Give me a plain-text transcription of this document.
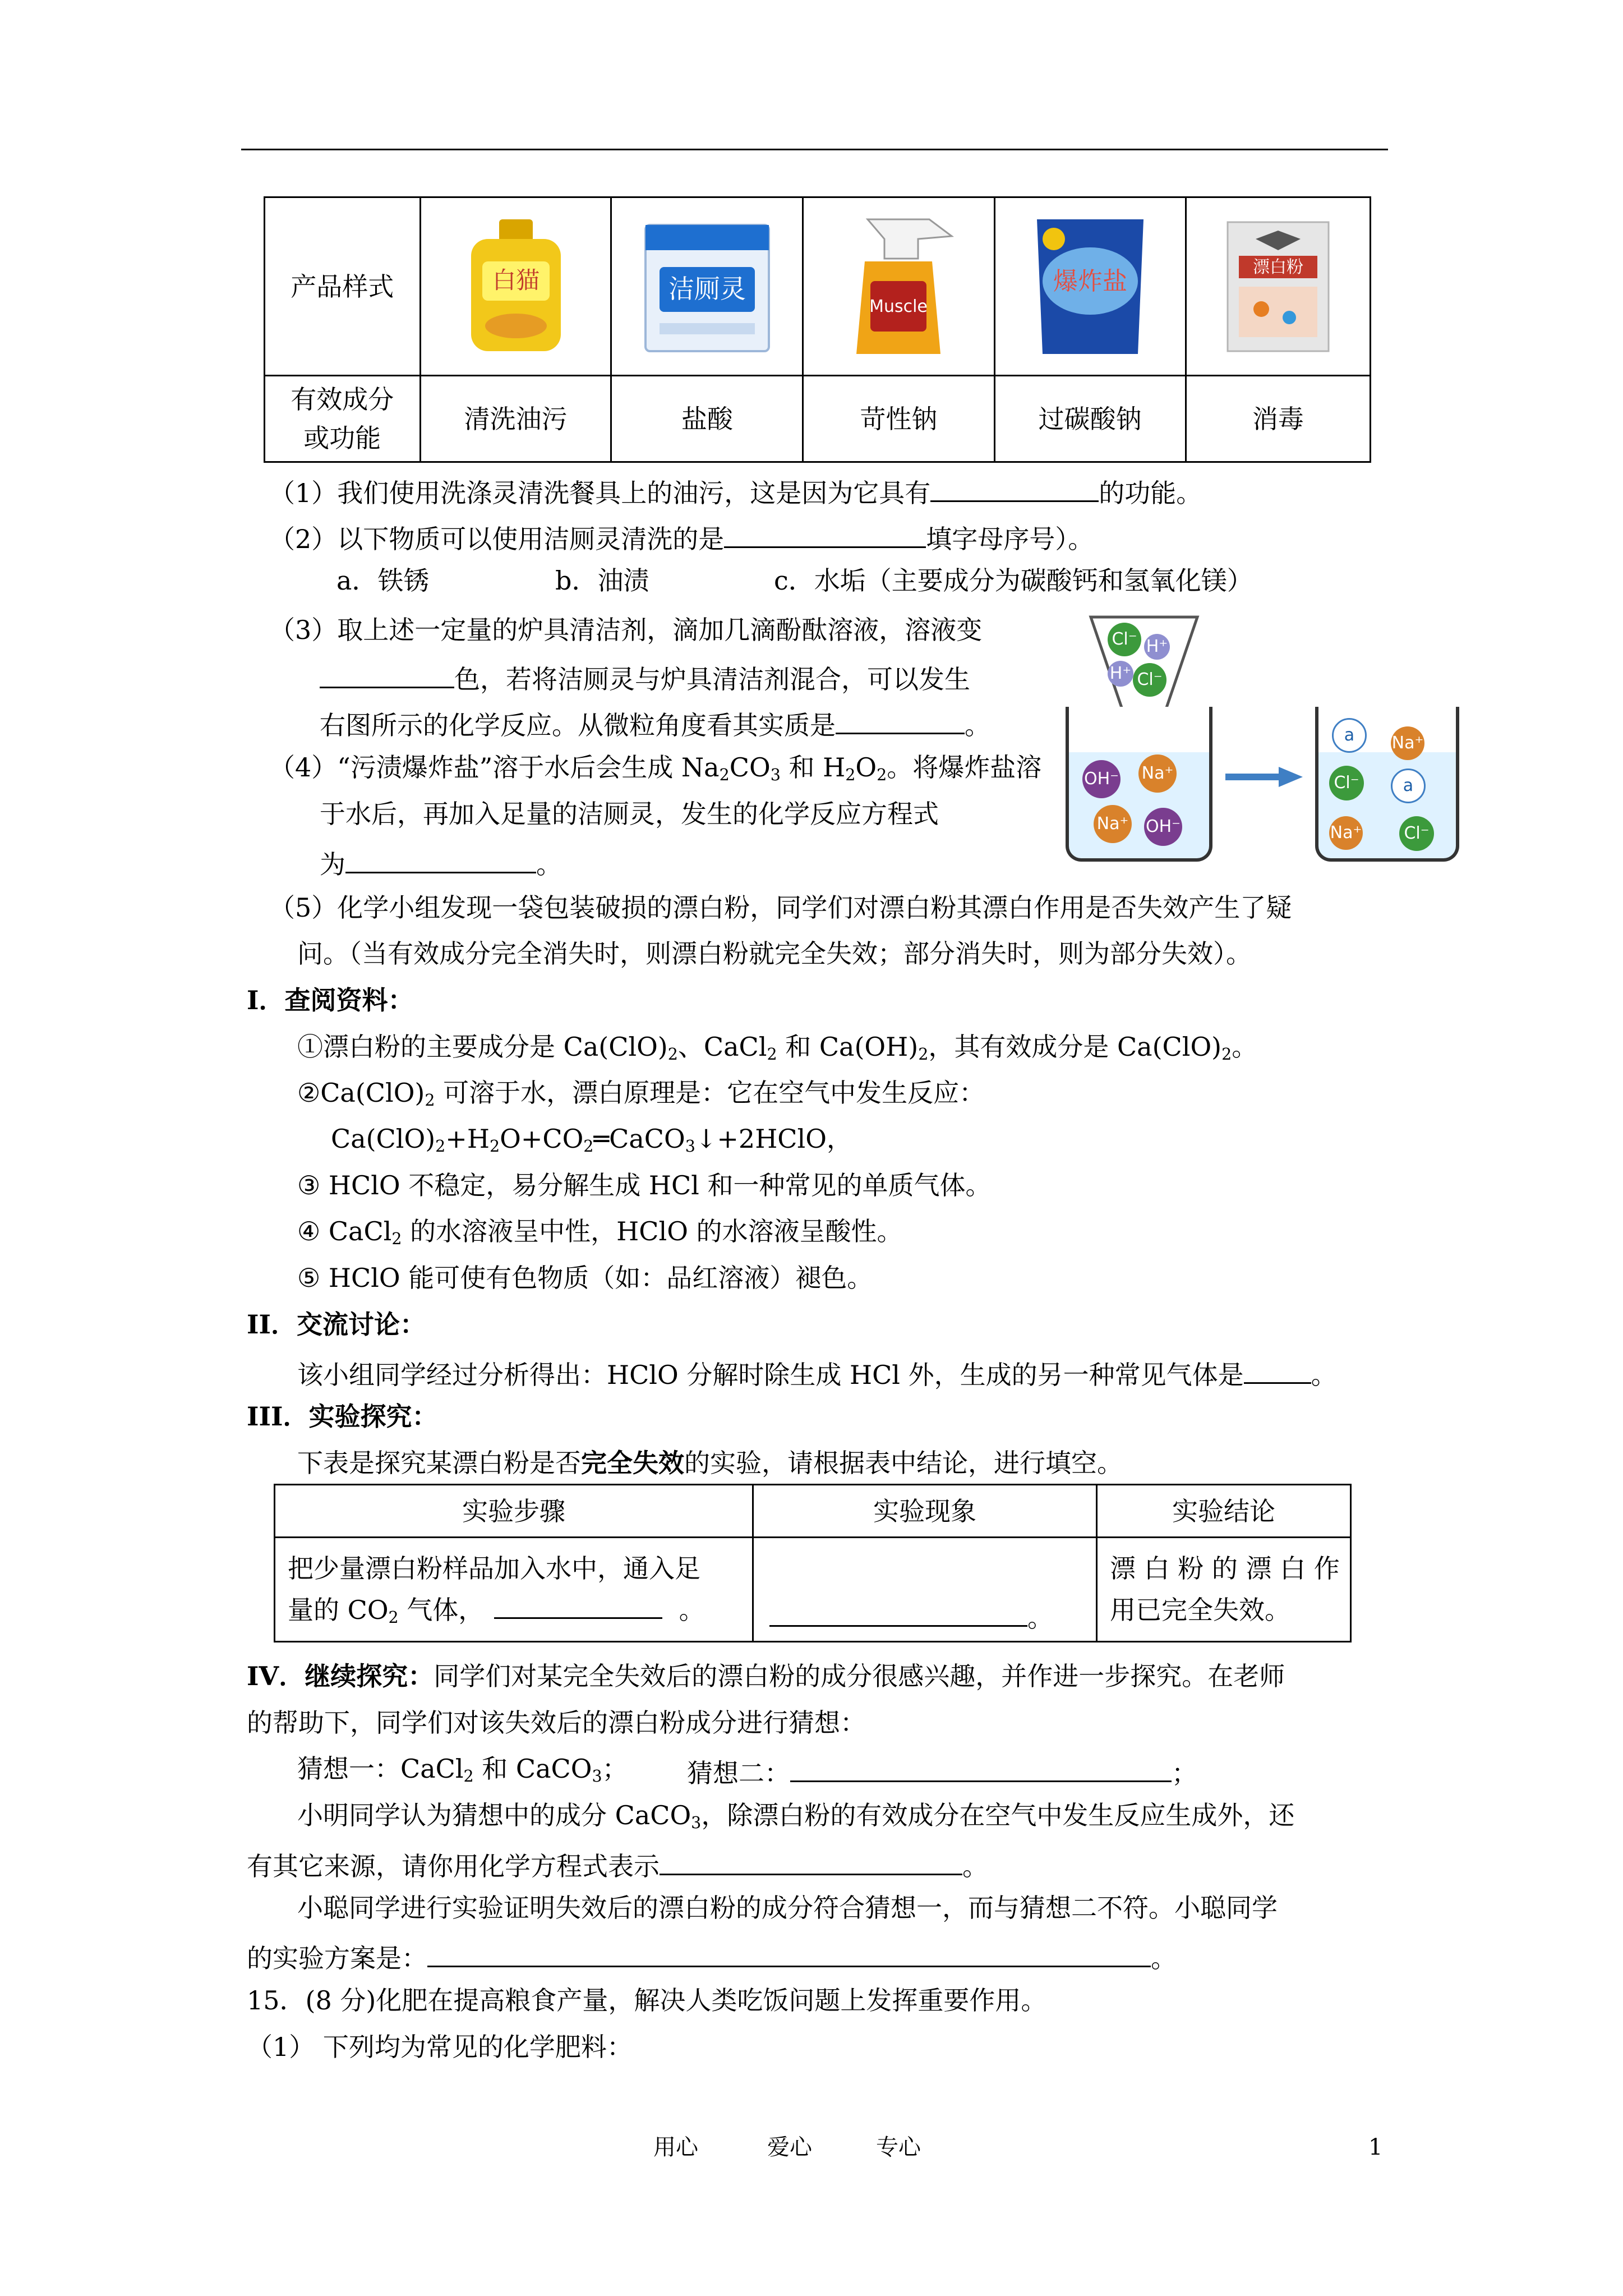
产品样式	白猫	洁厕灵	Muscle	爆炸盐	漂白粉

有效成分
或功能	清洗油污	盐酸	苛性钠	过碳酸钠	消毒
（1）我们使用洗涤灵清洗餐具上的油污，这是因为它具有	的功能。
（2）以下物质可以使用洁厕灵清洗的是	填字母序号）。
a．铁锈	b．油渍	c．水垢（主要成分为碳酸钙和氢氧化镁）
（3）取上述一定量的炉具清洁剂，滴加几滴酚酞溶液，溶液变
色，若将洁厕灵与炉具清洁剂混合，可以发生
右图所示的化学反应。从微粒角度看其实质是	。
（4）“污渍爆炸盐”溶于水后会生成 $Na_2CO_3$ 和 $H_2O_2$。将爆炸盐溶
于水后，再加入足量的洁厕灵，发生的化学反应方程式
为	。
Cl⁻ H⁺
H⁺ Cl⁻
OH⁻ Na⁺
Na⁺ OH⁻
a	Na⁺
Cl⁻	a
Na⁺	Cl⁻
（5）化学小组发现一袋包装破损的漂白粉，同学们对漂白粉其漂白作用是否失效产生了疑
问。（当有效成分完全消失时，则漂白粉就完全失效；部分消失时，则为部分失效）。
I．查阅资料：
①漂白粉的主要成分是 $Ca(ClO)_2$、CaCl$_2$ 和 $Ca(OH)_2$，其有效成分是 $Ca(ClO)_2$。
$②Ca(ClO)_2$ 可溶于水，漂白原理是：它在空气中发生反应：
$Ca(ClO)_2+H_2O+CO_2═CaCO_3↓+2HClO$，
③ HClO 不稳定，易分解生成 HCl 和一种常见的单质气体。
④ CaCl$_2$ 的水溶液呈中性，HClO 的水溶液呈酸性。
⑤ HClO 能可使有色物质（如：品红溶液）褪色。
II．交流讨论：
该小组同学经过分析得出：HClO 分解时除生成 HCl 外，生成的另一种常见气体是	。
III．实验探究：
下表是探究某漂白粉是否完全失效的实验，请根据表中结论，进行填空。
实验步骤	实验现象	实验结论
把少量漂白粉样品加入水中，通入足
量的 $CO_2$ 气体， 。	。	漂 白 粉 的 漂 白 作
用已完全失效。
IV．继续探究：同学们对某完全失效后的漂白粉的成分很感兴趣，并作进一步探究。在老师
的帮助下，同学们对该失效后的漂白粉成分进行猜想：
猜想一：CaCl$_2$ 和 CaCO$_3$； 猜想二：	；
小明同学认为猜想中的成分 CaCO$_3$，除漂白粉的有效成分在空气中发生反应生成外，还
有其它来源，请你用化学方程式表示	。
小聪同学进行实验证明失效后的漂白粉的成分符合猜想一，而与猜想二不符。小聪同学
的实验方案是：	。
15．(8 分)化肥在提高粮食产量，解决人类吃饭问题上发挥重要作用。
（1） 下列均为常见的化学肥料：
用心	爱心	专心	1
